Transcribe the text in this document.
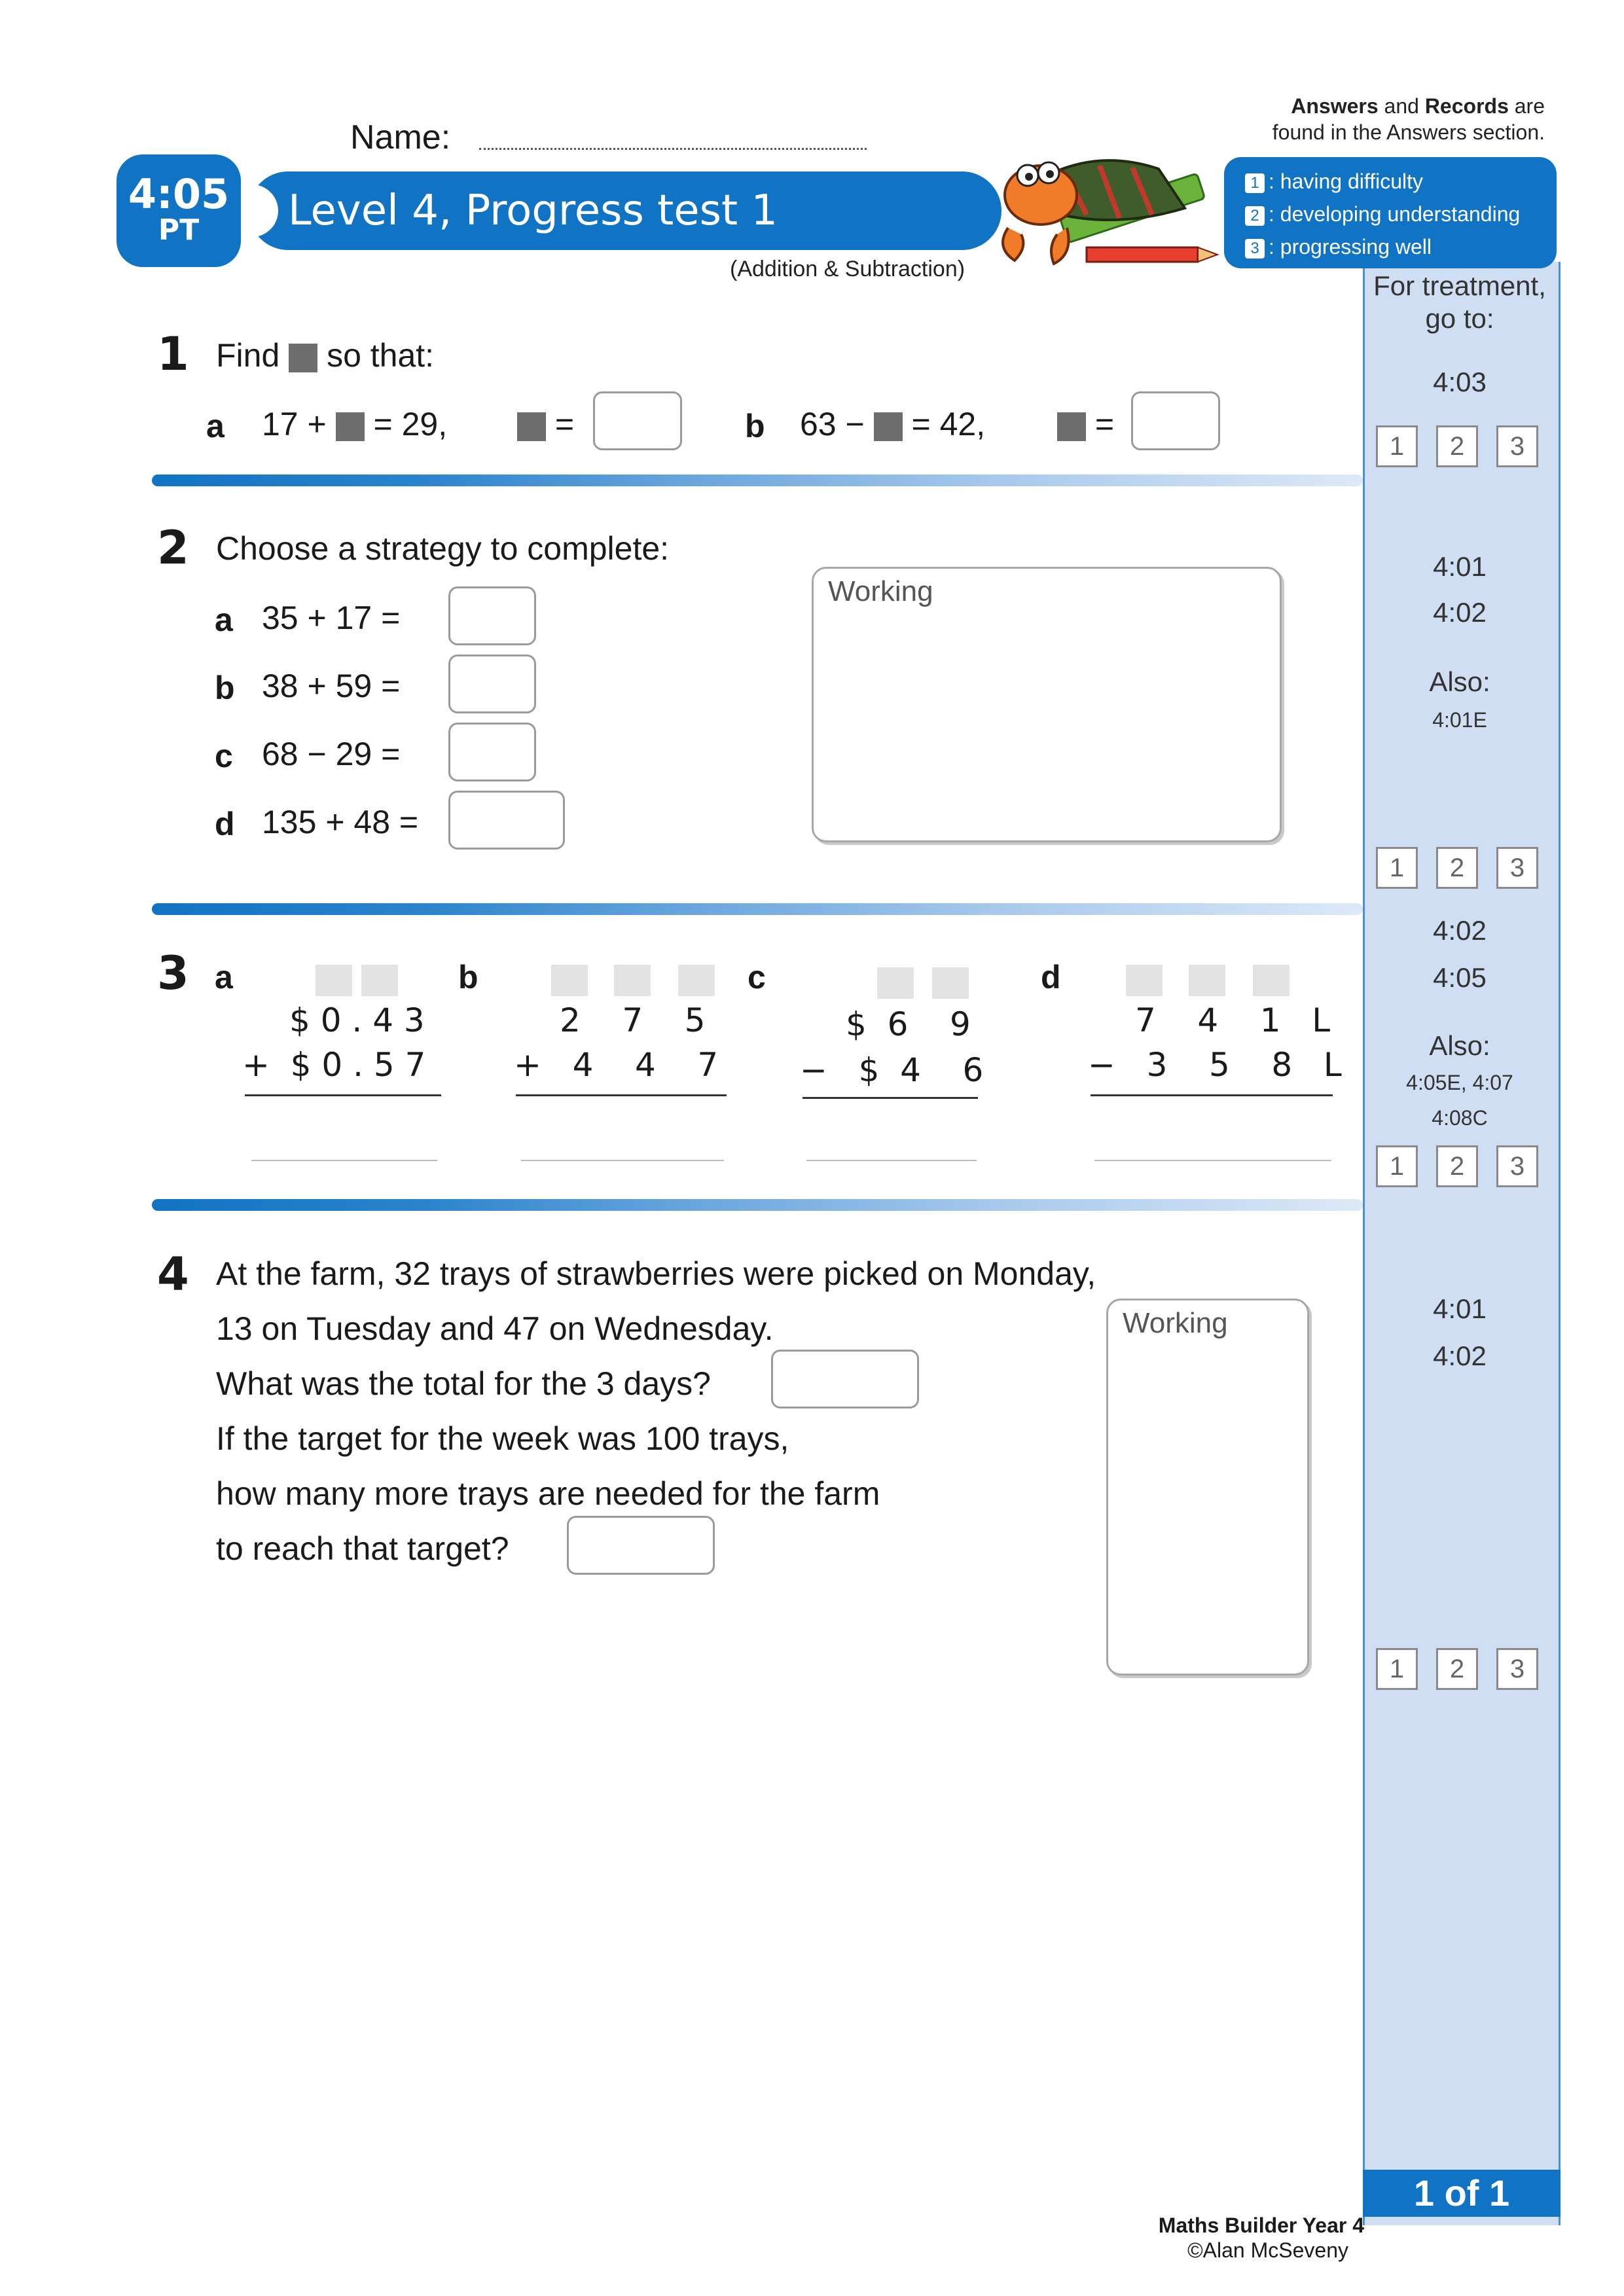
For treatment,
go to:
Name:
Answers and Records are
found in the Answers section.
Level 4, Progress test 1
4:05
PT
(Addition & Subtraction)
1 : having difficulty
2 : developing understanding
3 : progressing well
1 Find so that:
a 17 + = 29,	=	b 63 − = 42,	=
4:03
1	2	3
2 Choose a strategy to complete:
a 35 + 17 =
b 38 + 59 =
c 68 − 29 =
d 135 + 48 =
Working
4:01
4:02
Also:
4:01E
1	2	3
3 a
$ 0 . 4 3
+  $ 0 . 5 7
b
2    7    5
+   4    4    7
c
$  6    9
−   $  4    6
d
7    4    1   L
−   3    5    8   L
4:02
4:05
Also:
4:05E, 4:07
4:08C
1	2	3
4 At the farm, 32 trays of strawberries were picked on Monday,
13 on Tuesday and 47 on Wednesday.
What was the total for the 3 days?
If the target for the week was 100 trays,
how many more trays are needed for the farm
to reach that target?
Working	4:01
4:02
1	2	3
1 of 1
Maths Builder Year 4
©Alan McSeveny
